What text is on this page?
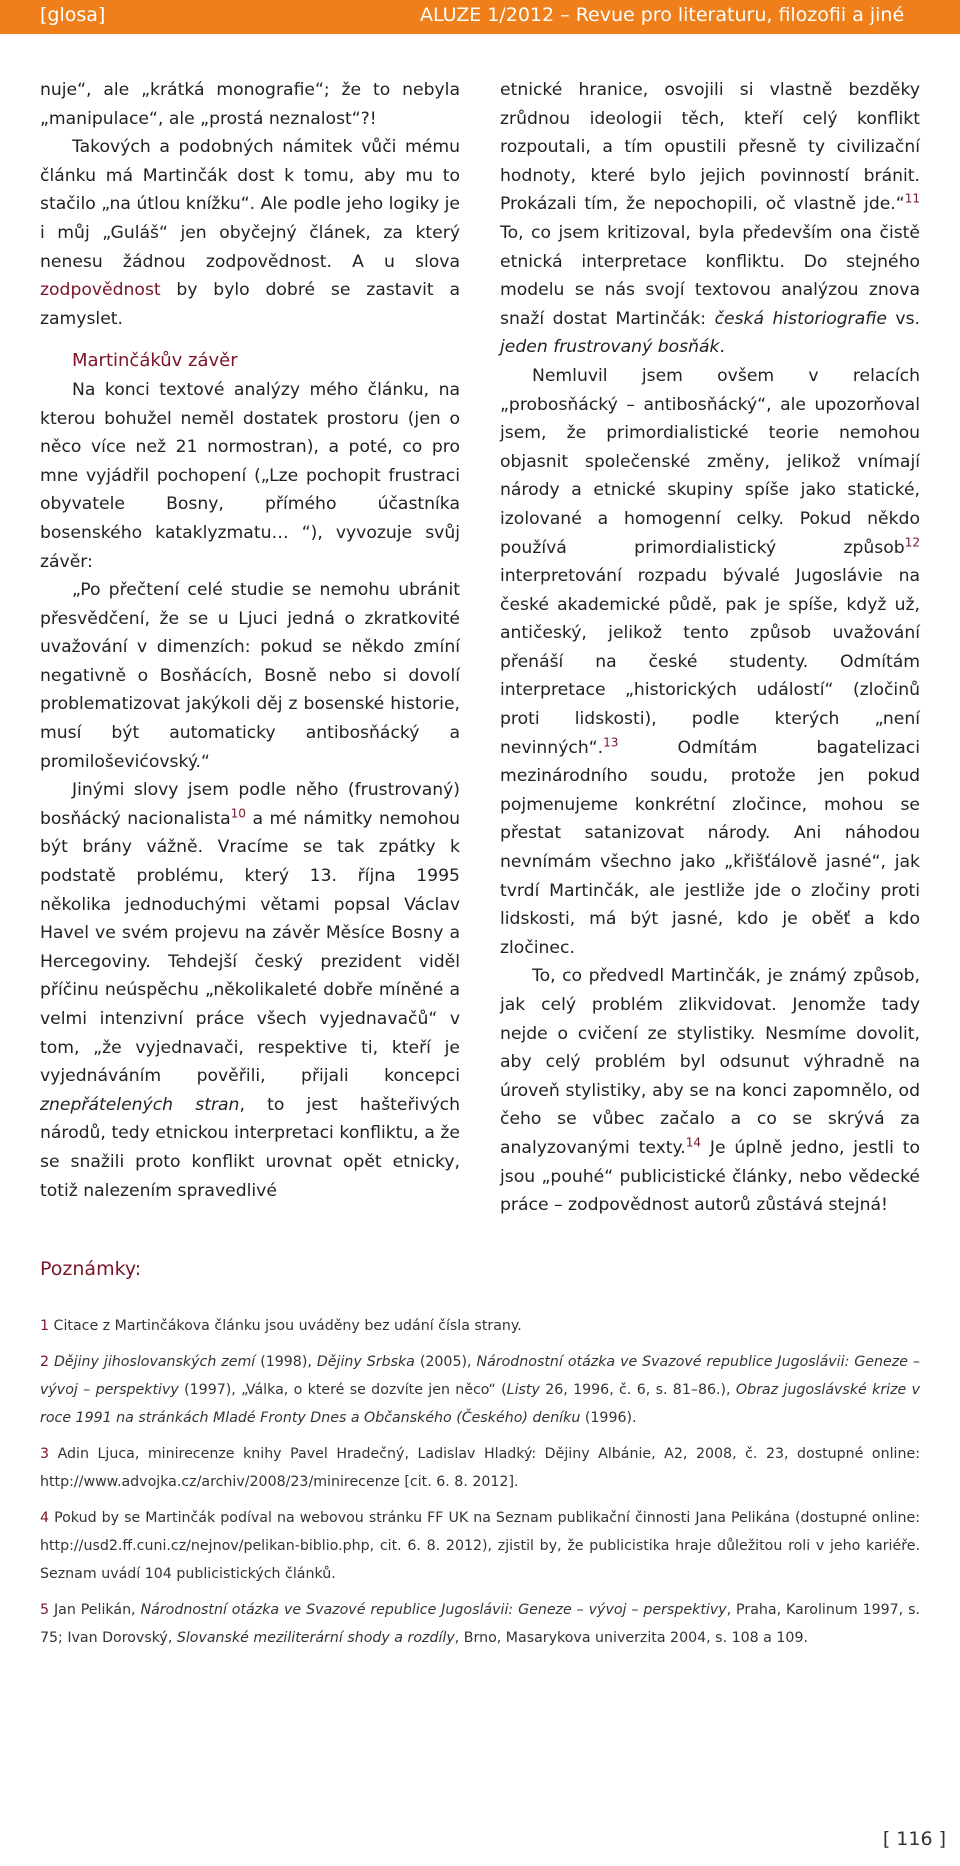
[glosa]	ALUZE 1/2012 – Revue pro literaturu, filozofii a jiné

nuje“, ale „krátká monografie“; že to nebyla „manipulace“, ale „prostá neznalost“?!

Takových a podobných námitek vůči mému článku má Martinčák dost k tomu, aby mu to stačilo „na útlou knížku“. Ale podle jeho logiky je i můj „Guláš“ jen obyčejný článek, za který nenesu žádnou zodpovědnost. A u slova zodpovědnost by bylo dobré se zastavit a zamyslet.

Martinčákův závěr

Na konci textové analýzy mého článku, na kterou bohužel neměl dostatek prostoru (jen o něco více než 21 normostran), a poté, co pro mne vyjádřil pochopení („Lze pochopit frustraci obyvatele Bosny, přímého účastníka bosenského kataklyzmatu… “), vyvozuje svůj závěr:

„Po přečtení celé studie se nemohu ubránit přesvědčení, že se u Ljuci jedná o zkratkovité uvažování v dimenzích: pokud se někdo zmíní negativně o Bosňácích, Bosně nebo si dovolí problematizovat jakýkoli děj z bosenské historie, musí být automaticky antibosňácký a promiloševićovský.“

Jinými slovy jsem podle něho (frustrovaný) bosňácký nacionalista$^{10}$ a mé námitky nemohou být brány vážně. Vracíme se tak zpátky k podstatě problému, který 13. října 1995 několika jednoduchými větami popsal Václav Havel ve svém projevu na závěr Měsíce Bosny a Hercegoviny. Tehdejší český prezident viděl příčinu neúspěchu „několikaleté dobře míněné a velmi intenzivní práce všech vyjednavačů“ v tom, „že vyjednavači, respektive ti, kteří je vyjednáváním pověřili, přijali koncepci znepřátelených stran, to jest hašteřivých národů, tedy etnickou interpretaci konfliktu, a že se snažili proto konflikt urovnat opět etnicky, totiž nalezením spravedlivé

etnické hranice, osvojili si vlastně bezděky zrůdnou ideologii těch, kteří celý konflikt rozpoutali, a tím opustili přesně ty civilizační hodnoty, které bylo jejich povinností bránit. Prokázali tím, že nepochopili, oč vlastně jde.“$^{11}$ To, co jsem kritizoval, byla především ona čistě etnická interpretace konfliktu. Do stejného modelu se nás svojí textovou analýzou znova snaží dostat Martinčák: česká historiografie vs. jeden frustrovaný bosňák.

Nemluvil jsem ovšem v relacích „probosňácký – antibosňácký“, ale upozorňoval jsem, že primordialistické teorie nemohou objasnit společenské změny, jelikož vnímají národy a etnické skupiny spíše jako statické, izolované a homogenní celky. Pokud někdo používá primordialistický způsob$^{12}$ interpretování rozpadu bývalé Jugoslávie na české akademické půdě, pak je spíše, když už, antičeský, jelikož tento způsob uvažování přenáší na české studenty. Odmítám interpretace „historických událostí“ (zločinů proti lidskosti), podle kterých „není nevinných“.$^{13}$ Odmítám bagatelizaci mezinárodního soudu, protože jen pokud pojmenujeme konkrétní zločince, mohou se přestat satanizovat národy. Ani náhodou nevnímám všechno jako „křišťálově jasné“, jak tvrdí Martinčák, ale jestliže jde o zločiny proti lidskosti, má být jasné, kdo je oběť a kdo zločinec.

To, co předvedl Martinčák, je známý způsob, jak celý problém zlikvidovat. Jenomže tady nejde o cvičení ze stylistiky. Nesmíme dovolit, aby celý problém byl odsunut výhradně na úroveň stylistiky, aby se na konci zapomnělo, od čeho se vůbec začalo a co se skrývá za analyzovanými texty.$^{14}$ Je úplně jedno, jestli to jsou „pouhé“ publicistické články, nebo vědecké práce – zodpovědnost autorů zůstává stejná!

Poznámky:

1 Citace z Martinčákova článku jsou uváděny bez udání čísla strany.

2 Dějiny jihoslovanských zemí (1998), Dějiny Srbska (2005), Národnostní otázka ve Svazové republice Jugoslávii: Geneze – vývoj – perspektivy (1997), „Válka, o které se dozvíte jen něco“ (Listy 26, 1996, č. 6, s. 81–86.), Obraz jugoslávské krize v roce 1991 na stránkách Mladé Fronty Dnes a Občanského (Českého) deníku (1996).

3 Adin Ljuca, minirecenze knihy Pavel Hradečný, Ladislav Hladký: Dějiny Albánie, A2, 2008, č. 23, dostupné online: http://www.advojka.cz/archiv/2008/23/minirecenze [cit. 6. 8. 2012].

4 Pokud by se Martinčák podíval na webovou stránku FF UK na Seznam publikační činnosti Jana Pelikána (dostupné online: http://usd2.ff.cuni.cz/nejnov/pelikan-biblio.php, cit. 6. 8. 2012), zjistil by, že publicistika hraje důležitou roli v jeho kariéře. Seznam uvádí 104 publicistických článků.

5 Jan Pelikán, Národnostní otázka ve Svazové republice Jugoslávii: Geneze – vývoj – perspektivy, Praha, Karolinum 1997, s. 75; Ivan Dorovský, Slovanské meziliterární shody a rozdíly, Brno, Masarykova univerzita 2004, s. 108 a 109.

[ 116 ]
